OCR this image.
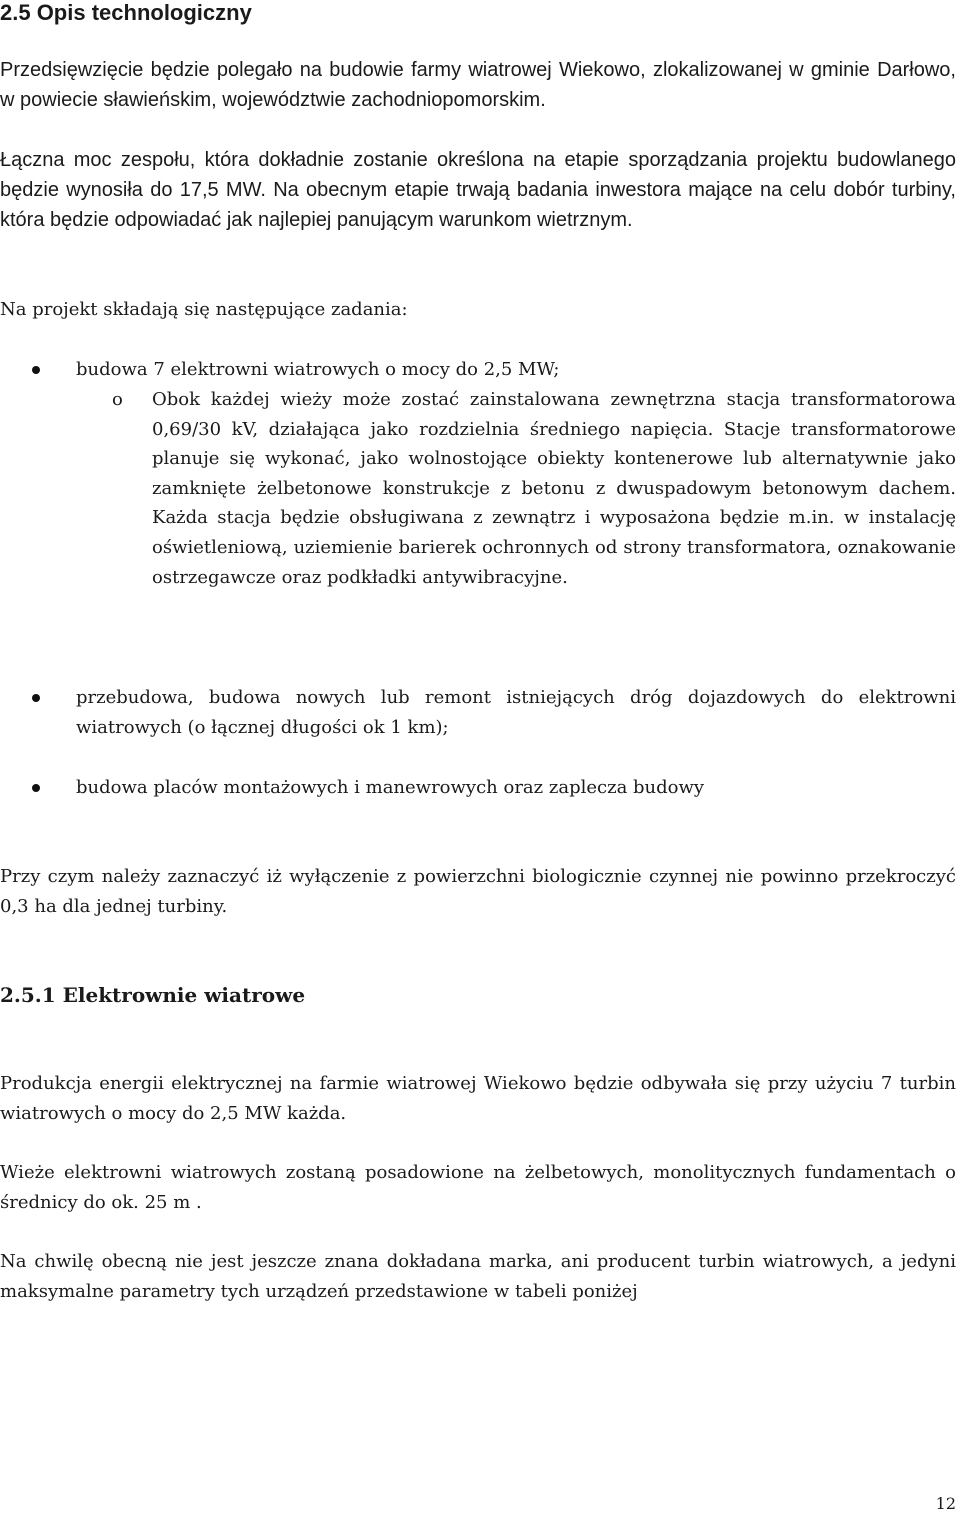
2.5 Opis technologiczny

Przedsięwzięcie będzie polegało na budowie farmy wiatrowej Wiekowo, zlokalizowanej w gminie Darłowo, w powiecie sławieńskim, województwie zachodniopomorskim.

Łączna moc zespołu, która dokładnie zostanie określona na etapie sporządzania projektu budowlanego będzie wynosiła do 17,5 MW. Na obecnym etapie trwają badania inwestora mające na celu dobór turbiny, która będzie odpowiadać jak najlepiej panującym warunkom wietrznym.

Na projekt składają się następujące zadania:

budowa 7 elektrowni wiatrowych o mocy do 2,5 MW;

o Obok każdej wieży może zostać zainstalowana zewnętrzna stacja transformatorowa 0,69/30 kV, działająca jako rozdzielnia średniego napięcia. Stacje transformatorowe planuje się wykonać, jako wolnostojące obiekty kontenerowe lub alternatywnie jako zamknięte żelbetonowe konstrukcje z betonu z dwuspadowym betonowym dachem. Każda stacja będzie obsługiwana z zewnątrz i wyposażona będzie m.in. w instalację oświetleniową, uziemienie barierek ochronnych od strony transformatora, oznakowanie ostrzegawcze oraz podkładki antywibracyjne.

przebudowa, budowa nowych lub remont istniejących dróg dojazdowych do elektrowni wiatrowych (o łącznej długości ok 1 km);

budowa placów montażowych i manewrowych oraz zaplecza budowy

Przy czym należy zaznaczyć iż wyłączenie z powierzchni biologicznie czynnej nie powinno przekroczyć 0,3 ha dla jednej turbiny.

2.5.1 Elektrownie wiatrowe

Produkcja energii elektrycznej na farmie wiatrowej Wiekowo będzie odbywała się przy użyciu 7 turbin wiatrowych o mocy do 2,5 MW każda.

Wieże elektrowni wiatrowych zostaną posadowione na żelbetowych, monolitycznych fundamentach o średnicy do ok. 25 m .

Na chwilę obecną nie jest jeszcze znana dokładana marka, ani producent turbin wiatrowych, a jedyni maksymalne parametry tych urządzeń przedstawione w tabeli poniżej

12
